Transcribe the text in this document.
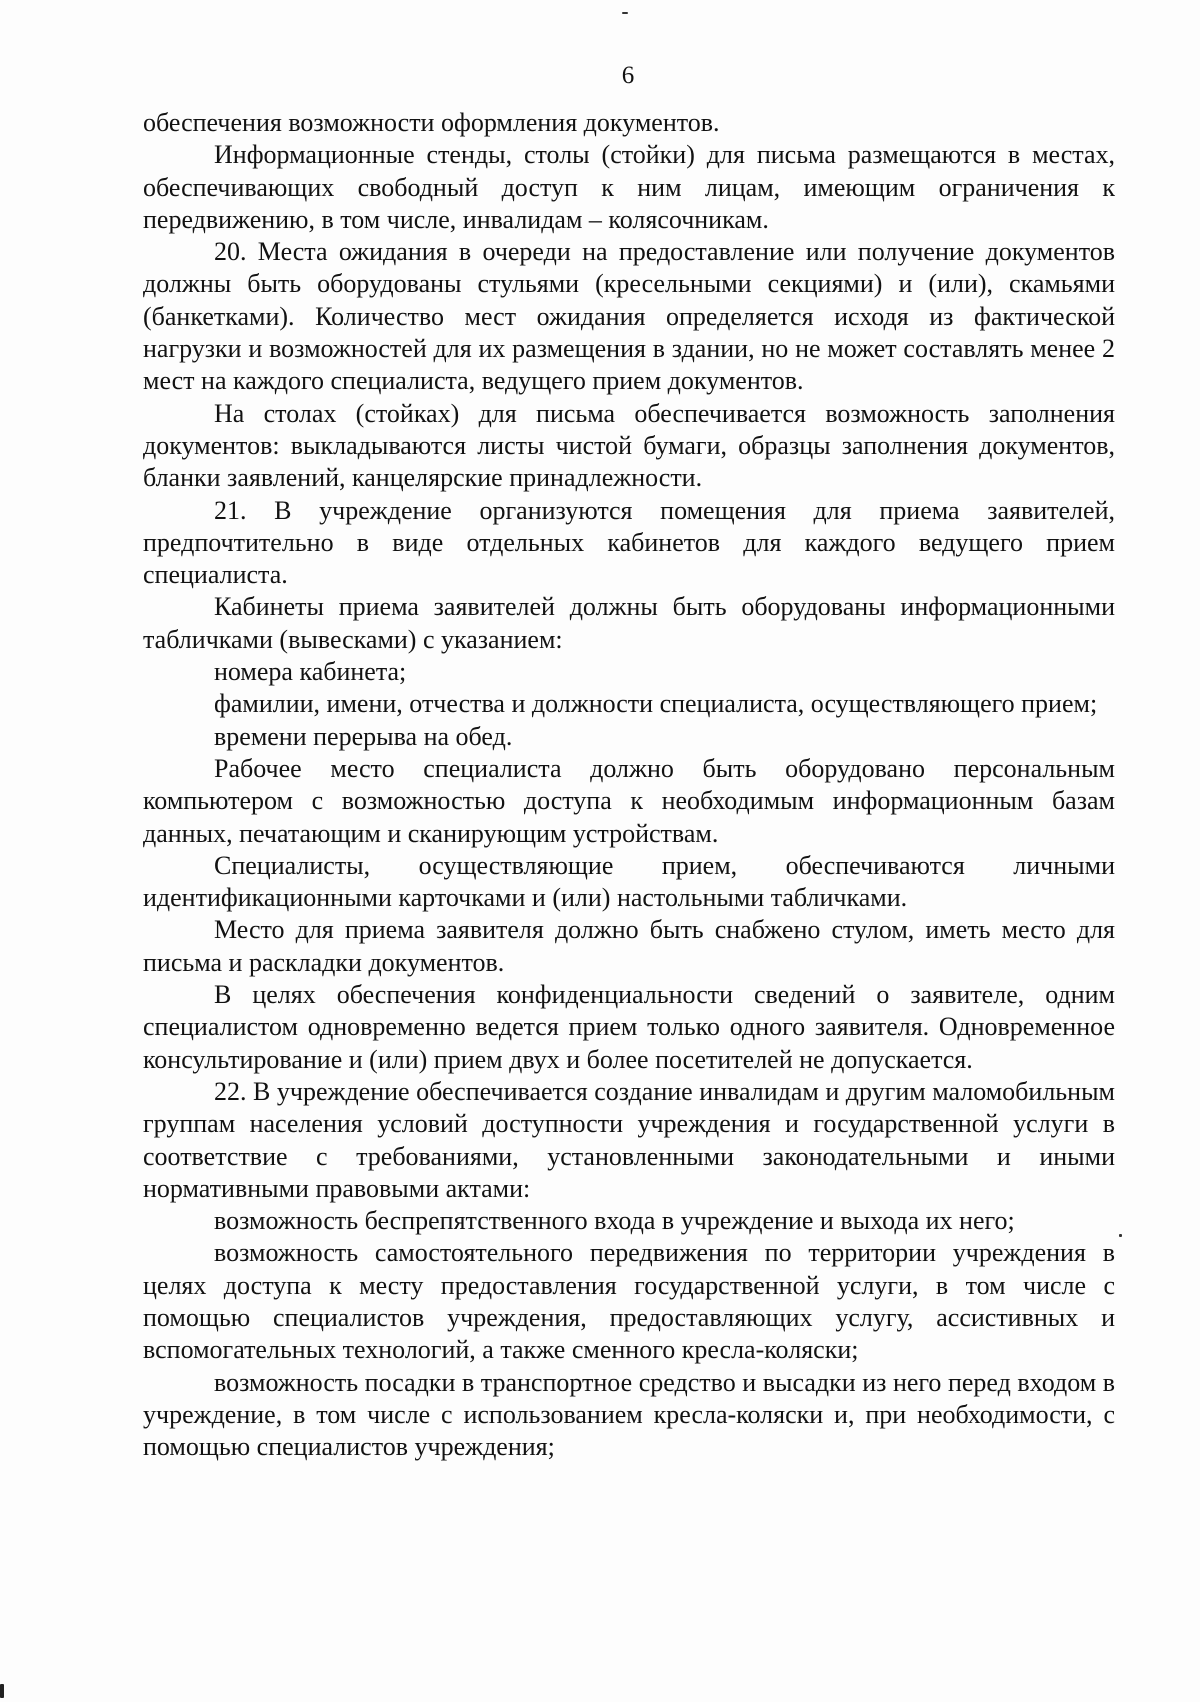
6

обеспечения возможности оформления документов.

Информационные стенды, столы (стойки) для письма размещаются в местах, обеспечивающих свободный доступ к ним лицам, имеющим ограничения к передвижению, в том числе, инвалидам – колясочникам.

20. Места ожидания в очереди на предоставление или получение документов должны быть оборудованы стульями (кресельными секциями) и (или), скамьями (банкетками). Количество мест ожидания определяется исходя из фактической нагрузки и возможностей для их размещения в здании, но не может составлять менее 2 мест на каждого специалиста, ведущего прием документов.

На столах (стойках) для письма обеспечивается возможность заполнения документов: выкладываются листы чистой бумаги, образцы заполнения документов, бланки заявлений, канцелярские принадлежности.

21. В учреждение организуются помещения для приема заявителей, предпочтительно в виде отдельных кабинетов для каждого ведущего прием специалиста.

Кабинеты приема заявителей должны быть оборудованы информационными табличками (вывесками) с указанием:

номера кабинета;

фамилии, имени, отчества и должности специалиста, осуществляющего прием;

времени перерыва на обед.

Рабочее место специалиста должно быть оборудовано персональным компьютером с возможностью доступа к необходимым информационным базам данных, печатающим и сканирующим устройствам.

Специалисты, осуществляющие прием, обеспечиваются личными идентификационными карточками и (или) настольными табличками.

Место для приема заявителя должно быть снабжено стулом, иметь место для письма и раскладки документов.

В целях обеспечения конфиденциальности сведений о заявителе, одним специалистом одновременно ведется прием только одного заявителя. Одновременное консультирование и (или) прием двух и более посетителей не допускается.

22. В учреждение обеспечивается создание инвалидам и другим маломобильным группам населения условий доступности учреждения и государственной услуги в соответствие с требованиями, установленными законодательными и иными нормативными правовыми актами:

возможность беспрепятственного входа в учреждение и выхода их него;

возможность самостоятельного передвижения по территории учреждения в целях доступа к месту предоставления государственной услуги, в том числе с помощью специалистов учреждения, предоставляющих услугу, ассистивных и вспомогательных технологий, а также сменного кресла-коляски;

возможность посадки в транспортное средство и высадки из него перед входом в учреждение, в том числе с использованием кресла-коляски и, при необходимости, с помощью специалистов учреждения;
